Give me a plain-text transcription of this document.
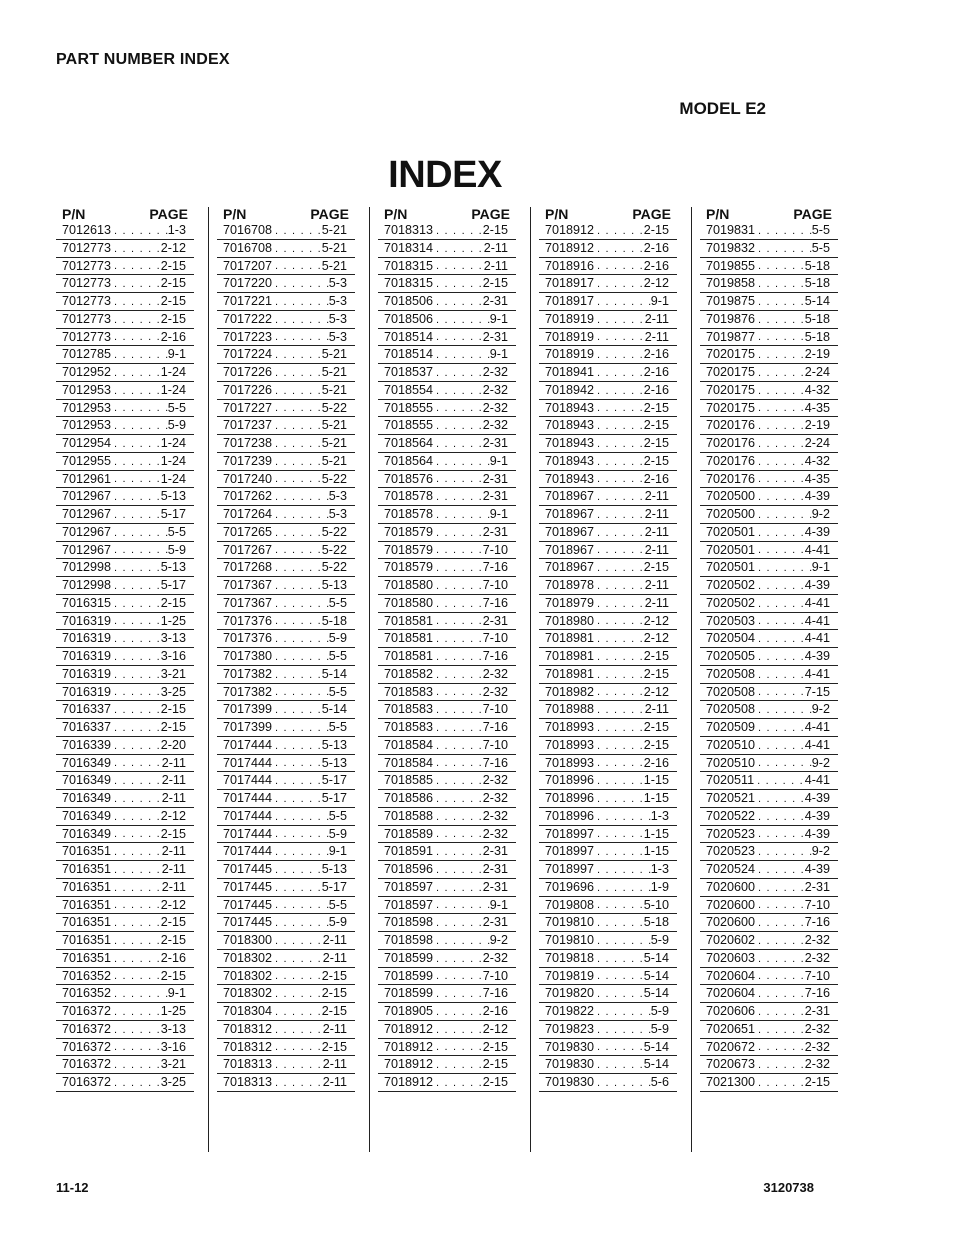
PART NUMBER INDEX
MODEL E2
INDEX
P/N	PAGE
7012613 . . .	1-3
7012773 . . .	2-12
7012773 . . .	2-15
7012773 . . .	2-15
7012773 . . .	2-15
7012773 . . .	2-15
7012773 . . .	2-16
7012785 . . .	9-1
7012952 . . .	1-24
7012953 . . .	1-24
7012953 . . .	5-5
7012953 . . .	5-9
7012954 . . .	1-24
7012955 . . .	1-24
7012961 . . .	1-24
7012967 . . .	5-13
7012967 . . .	5-17
7012967 . . .	5-5
7012967 . . .	5-9
7012998 . . .	5-13
7012998 . . .	5-17
7016315 . . .	2-15
7016319 . . .	1-25
7016319 . . .	3-13
7016319 . . .	3-16
7016319 . . .	3-21
7016319 . . .	3-25
7016337 . . .	2-15
7016337 . . .	2-15
7016339 . . .	2-20
7016349 . . .	2-11
7016349 . . .	2-11
7016349 . . .	2-11
7016349 . . .	2-12
7016349 . . .	2-15
7016351 . . .	2-11
7016351 . . .	2-11
7016351 . . .	2-11
7016351 . . .	2-12
7016351 . . .	2-15
7016351 . . .	2-15
7016351 . . .	2-16
7016352 . . .	2-15
7016352 . . .	9-1
7016372 . . .	1-25
7016372 . . .	3-13
7016372 . . .	3-16
7016372 . . .	3-21
7016372 . . .	3-25
P/N	PAGE
7016708 . . .	5-21
7016708 . . .	5-21
7017207 . . .	5-21
7017220 . . .	5-3
7017221 . . .	5-3
7017222 . . .	5-3
7017223 . . .	5-3
7017224 . . .	5-21
7017226 . . .	5-21
7017226 . . .	5-21
7017227 . . .	5-22
7017237 . . .	5-21
7017238 . . .	5-21
7017239 . . .	5-21
7017240 . . .	5-22
7017262 . . .	5-3
7017264 . . .	5-3
7017265 . . .	5-22
7017267 . . .	5-22
7017268 . . .	5-22
7017367 . . .	5-13
7017367 . . .	5-5
7017376 . . .	5-18
7017376 . . .	5-9
7017380 . . .	5-5
7017382 . . .	5-14
7017382 . . .	5-5
7017399 . . .	5-14
7017399 . . .	5-5
7017444 . . .	5-13
7017444 . . .	5-13
7017444 . . .	5-17
7017444 . . .	5-17
7017444 . . .	5-5
7017444 . . .	5-9
7017444 . . .	9-1
7017445 . . .	5-13
7017445 . . .	5-17
7017445 . . .	5-5
7017445 . . .	5-9
7018300 . . .	2-11
7018302 . . .	2-11
7018302 . . .	2-15
7018302 . . .	2-15
7018304 . . .	2-15
7018312 . . .	2-11
7018312 . . .	2-15
7018313 . . .	2-11
7018313 . . .	2-11
P/N	PAGE
7018313 . . .	2-15
7018314 . . .	2-11
7018315 . . .	2-11
7018315 . . .	2-15
7018506 . . .	2-31
7018506 . . .	9-1
7018514 . . .	2-31
7018514 . . .	9-1
7018537 . . .	2-32
7018554 . . .	2-32
7018555 . . .	2-32
7018555 . . .	2-32
7018564 . . .	2-31
7018564 . . .	9-1
7018576 . . .	2-31
7018578 . . .	2-31
7018578 . . .	9-1
7018579 . . .	2-31
7018579 . . .	7-10
7018579 . . .	7-16
7018580 . . .	7-10
7018580 . . .	7-16
7018581 . . .	2-31
7018581 . . .	7-10
7018581 . . .	7-16
7018582 . . .	2-32
7018583 . . .	2-32
7018583 . . .	7-10
7018583 . . .	7-16
7018584 . . .	7-10
7018584 . . .	7-16
7018585 . . .	2-32
7018586 . . .	2-32
7018588 . . .	2-32
7018589 . . .	2-32
7018591 . . .	2-31
7018596 . . .	2-31
7018597 . . .	2-31
7018597 . . .	9-1
7018598 . . .	2-31
7018598 . . .	9-2
7018599 . . .	2-32
7018599 . . .	7-10
7018599 . . .	7-16
7018905 . . .	2-16
7018912 . . .	2-12
7018912 . . .	2-15
7018912 . . .	2-15
7018912 . . .	2-15
P/N	PAGE
7018912 . . .	2-15
7018912 . . .	2-16
7018916 . . .	2-16
7018917 . . .	2-12
7018917 . . .	9-1
7018919 . . .	2-11
7018919 . . .	2-11
7018919 . . .	2-16
7018941 . . .	2-16
7018942 . . .	2-16
7018943 . . .	2-15
7018943 . . .	2-15
7018943 . . .	2-15
7018943 . . .	2-15
7018943 . . .	2-16
7018967 . . .	2-11
7018967 . . .	2-11
7018967 . . .	2-11
7018967 . . .	2-11
7018967 . . .	2-15
7018978 . . .	2-11
7018979 . . .	2-11
7018980 . . .	2-12
7018981 . . .	2-12
7018981 . . .	2-15
7018981 . . .	2-15
7018982 . . .	2-12
7018988 . . .	2-11
7018993 . . .	2-15
7018993 . . .	2-15
7018993 . . .	2-16
7018996 . . .	1-15
7018996 . . .	1-15
7018996 . . .	1-3
7018997 . . .	1-15
7018997 . . .	1-15
7018997 . . .	1-3
7019696 . . .	1-9
7019808 . . .	5-10
7019810 . . .	5-18
7019810 . . .	5-9
7019818 . . .	5-14
7019819 . . .	5-14
7019820 . . .	5-14
7019822 . . .	5-9
7019823 . . .	5-9
7019830 . . .	5-14
7019830 . . .	5-14
7019830 . . .	5-6
P/N	PAGE
7019831 . . .	5-5
7019832 . . .	5-5
7019855 . . .	5-18
7019858 . . .	5-18
7019875 . . .	5-14
7019876 . . .	5-18
7019877 . . .	5-18
7020175 . . .	2-19
7020175 . . .	2-24
7020175 . . .	4-32
7020175 . . .	4-35
7020176 . . .	2-19
7020176 . . .	2-24
7020176 . . .	4-32
7020176 . . .	4-35
7020500 . . .	4-39
7020500 . . .	9-2
7020501 . . .	4-39
7020501 . . .	4-41
7020501 . . .	9-1
7020502 . . .	4-39
7020502 . . .	4-41
7020503 . . .	4-41
7020504 . . .	4-41
7020505 . . .	4-39
7020508 . . .	4-41
7020508 . . .	7-15
7020508 . . .	9-2
7020509 . . .	4-41
7020510 . . .	4-41
7020510 . . .	9-2
7020511 . . .	4-41
7020521 . . .	4-39
7020522 . . .	4-39
7020523 . . .	4-39
7020523 . . .	9-2
7020524 . . .	4-39
7020600 . . .	2-31
7020600 . . .	7-10
7020600 . . .	7-16
7020602 . . .	2-32
7020603 . . .	2-32
7020604 . . .	7-10
7020604 . . .	7-16
7020606 . . .	2-31
7020651 . . .	2-32
7020672 . . .	2-32
7020673 . . .	2-32
7021300 . . .	2-15
11-12	3120738
